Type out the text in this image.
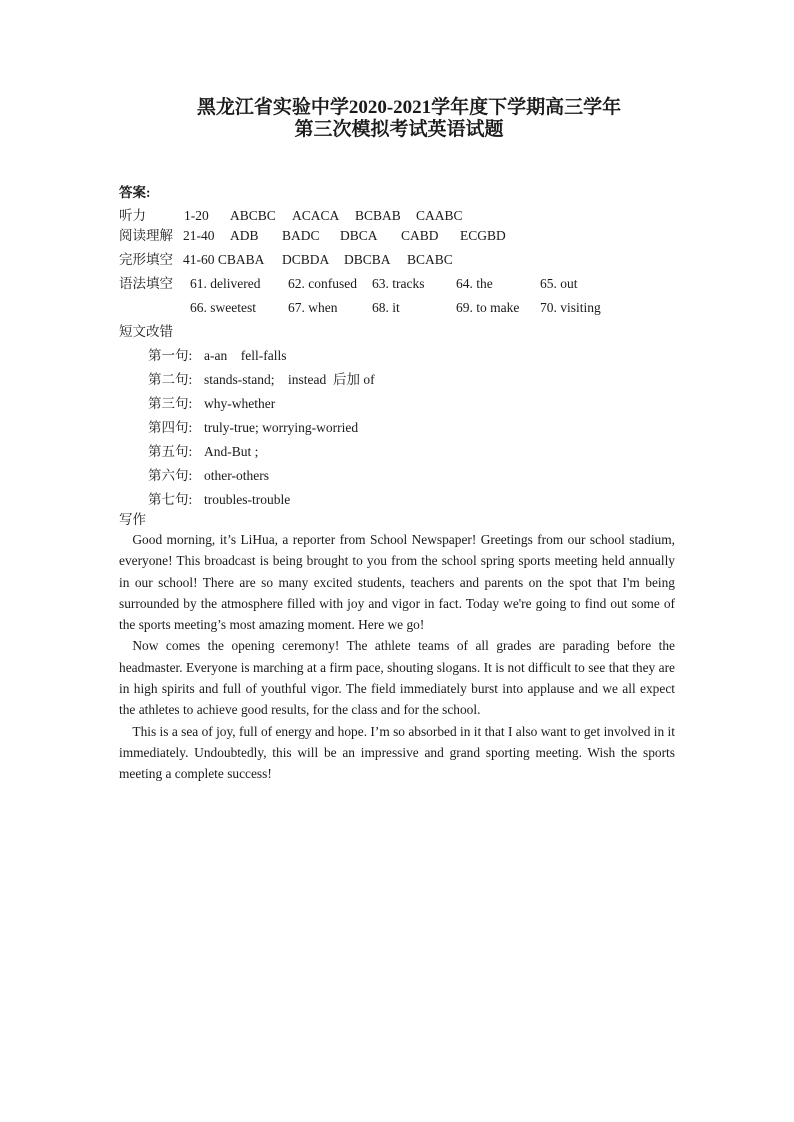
黑龙江省实验中学2020-2021学年度下学期高三学年
第三次模拟考试英语试题
答案:
听力	1-20 ABCBC ACACA BCBAB CAABC
阅读理解 21-40 ADB BADC DBCA CABD ECGBD
完形填空 41-60 CBABA DCBDA DBCBA BCABC
语法填空 61. delivered 62. confused 63. tracks 64. the	65. out
66. sweetest 67. when	68. it	69. to make 70. visiting
短文改错
第一句: a-an    fell-falls
第二句: stands-stand;    instead  后加 of
第三句: why-whether
第四句: truly-true; worrying-worried
第五句: And-But ;
第六句: other-others
第七句: troubles-trouble
写作

Good morning, it’s LiHua, a reporter from School Newspaper! Greetings from our school stadium, everyone! This broadcast is being brought to you from the school spring sports meeting held annually in our school! There are so many excited students, teachers and parents on the spot that I'm being surrounded by the atmosphere filled with joy and vigor in fact. Today we're going to find out some of the sports meeting’s most amazing moment. Here we go!

Now comes the opening ceremony! The athlete teams of all grades are parading before the headmaster. Everyone is marching at a firm pace, shouting slogans. It is not difficult to see that they are in high spirits and full of youthful vigor. The field immediately burst into applause and we all expect the athletes to achieve good results, for the class and for the school.

This is a sea of joy, full of energy and hope. I’m so absorbed in it that I also want to get involved in it immediately. Undoubtedly, this will be an impressive and grand sporting meeting. Wish the sports meeting a complete success!
